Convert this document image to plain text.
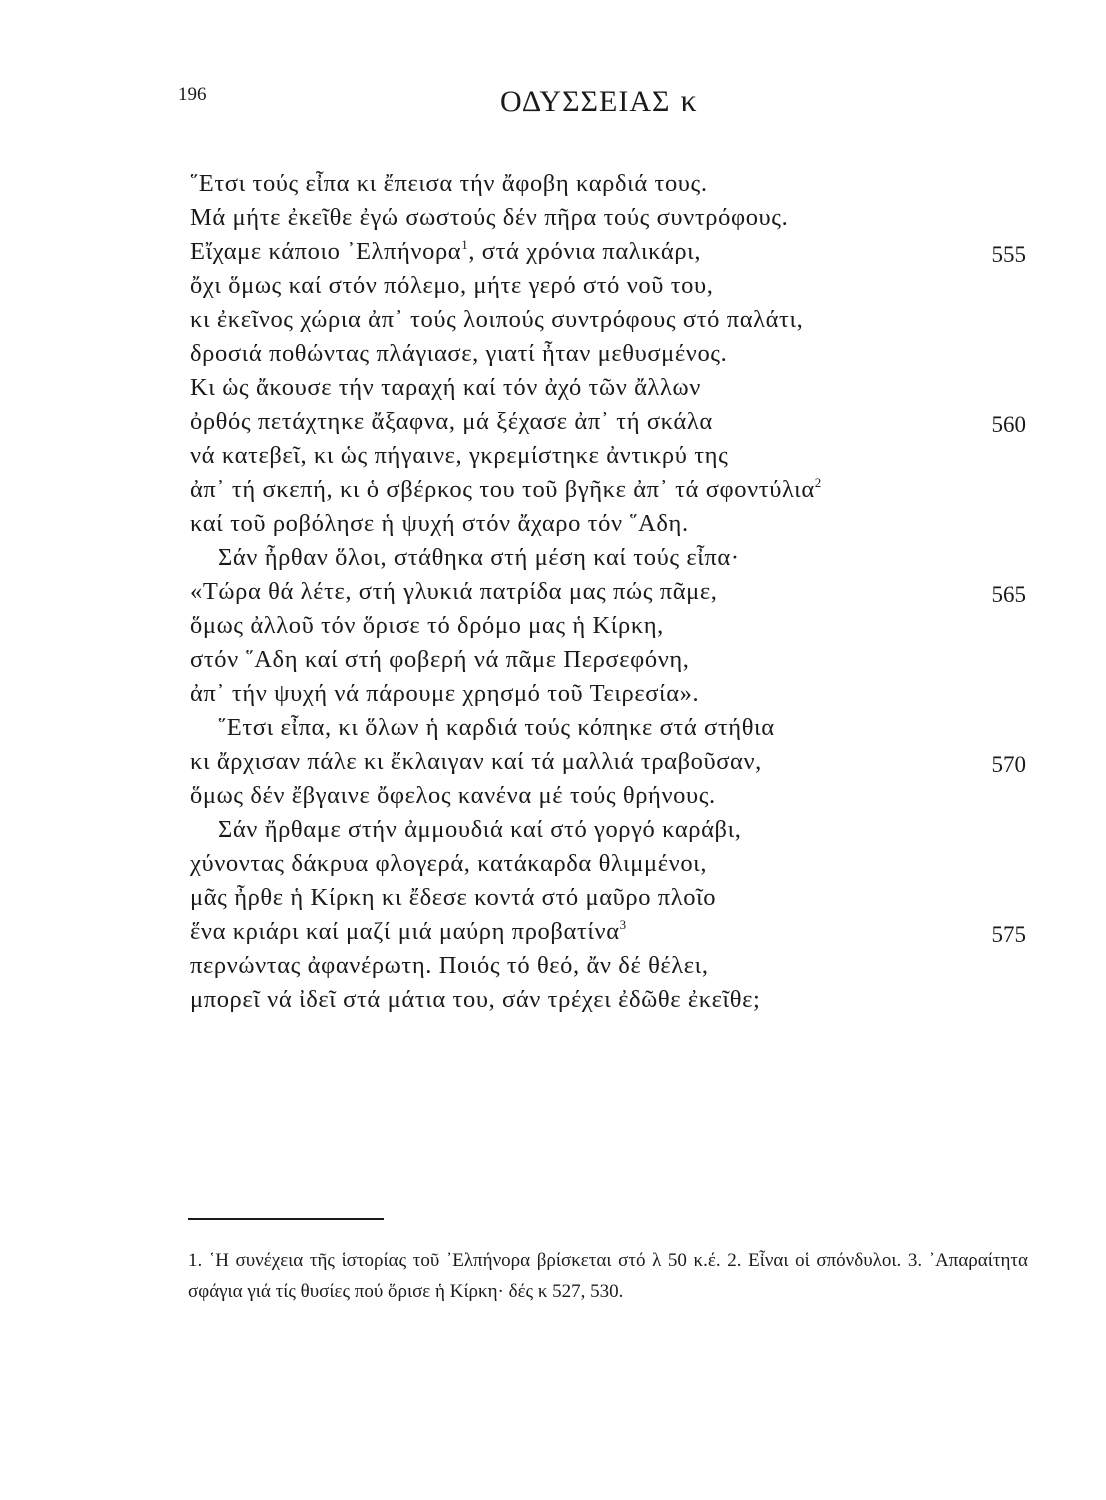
196	ΟΔΥΣΣΕΙΑΣ κ
῞Ετσι τούς εἶπα κι ἔπεισα τήν ἄφοβη καρδιά τους.
Μά μήτε ἐκεῖθε ἐγώ σωστούς δέν πῆρα τούς συντρόφους.
Εἴχαμε κάποιο ᾿Ελπήνορα$^1$, στά χρόνια παλικάρι,	555
ὄχι ὅμως καί στόν πόλεμο, μήτε γερό στό νοῦ του,
κι ἐκεῖνος χώρια ἀπ᾿ τούς λοιπούς συντρόφους στό παλάτι,
δροσιά ποθώντας πλάγιασε, γιατί ἦταν μεθυσμένος.
Κι ὡς ἄκουσε τήν ταραχή καί τόν ἀχό τῶν ἄλλων
ὀρθός πετάχτηκε ἄξαφνα, μά ξέχασε ἀπ᾿ τή σκάλα	560
νά κατεβεῖ, κι ὡς πήγαινε, γκρεμίστηκε ἀντικρύ της
ἀπ᾿ τή σκεπή, κι ὁ σβέρκος του τοῦ βγῆκε ἀπ᾿ τά σφοντύλια$^2$
καί τοῦ ροβόλησε ἡ ψυχή στόν ἄχαρο τόν ῞Αδη.
Σάν ἦρθαν ὅλοι, στάθηκα στή μέση καί τούς εἶπα·
«Τώρα θά λέτε, στή γλυκιά πατρίδα μας πώς πᾶμε,	565
ὅμως ἀλλοῦ τόν ὅρισε τό δρόμο μας ἡ Κίρκη,
στόν ῞Αδη καί στή φοβερή νά πᾶμε Περσεφόνη,
ἀπ᾿ τήν ψυχή νά πάρουμε χρησμό τοῦ Τειρεσία».
῞Ετσι εἶπα, κι ὅλων ἡ καρδιά τούς κόπηκε στά στήθια
κι ἄρχισαν πάλε κι ἔκλαιγαν καί τά μαλλιά τραβοῦσαν,	570
ὅμως δέν ἔβγαινε ὄφελος κανένα μέ τούς θρήνους.
Σάν ἤρθαμε στήν ἀμμουδιά καί στό γοργό καράβι,
χύνοντας δάκρυα φλογερά, κατάκαρδα θλιμμένοι,
μᾶς ἦρθε ἡ Κίρκη κι ἔδεσε κοντά στό μαῦρο πλοῖο
ἕνα κριάρι καί μαζί μιά μαύρη προβατίνα$^3$	575
περνώντας ἀφανέρωτη. Ποιός τό θεό, ἄν δέ θέλει,
μπορεῖ νά ἰδεῖ στά μάτια του, σάν τρέχει ἐδῶθε ἐκεῖθε;
1. ῾Η συνέχεια τῆς ἱστορίας τοῦ ᾿Ελπήνορα βρίσκεται στό λ 50 κ.έ. 2. Εἶναι οἱ σπόνδυλοι. 3. ᾿Απαραίτητα σφάγια γιά τίς θυσίες πού ὅρισε ἡ Κίρκη· δές κ 527, 530.
